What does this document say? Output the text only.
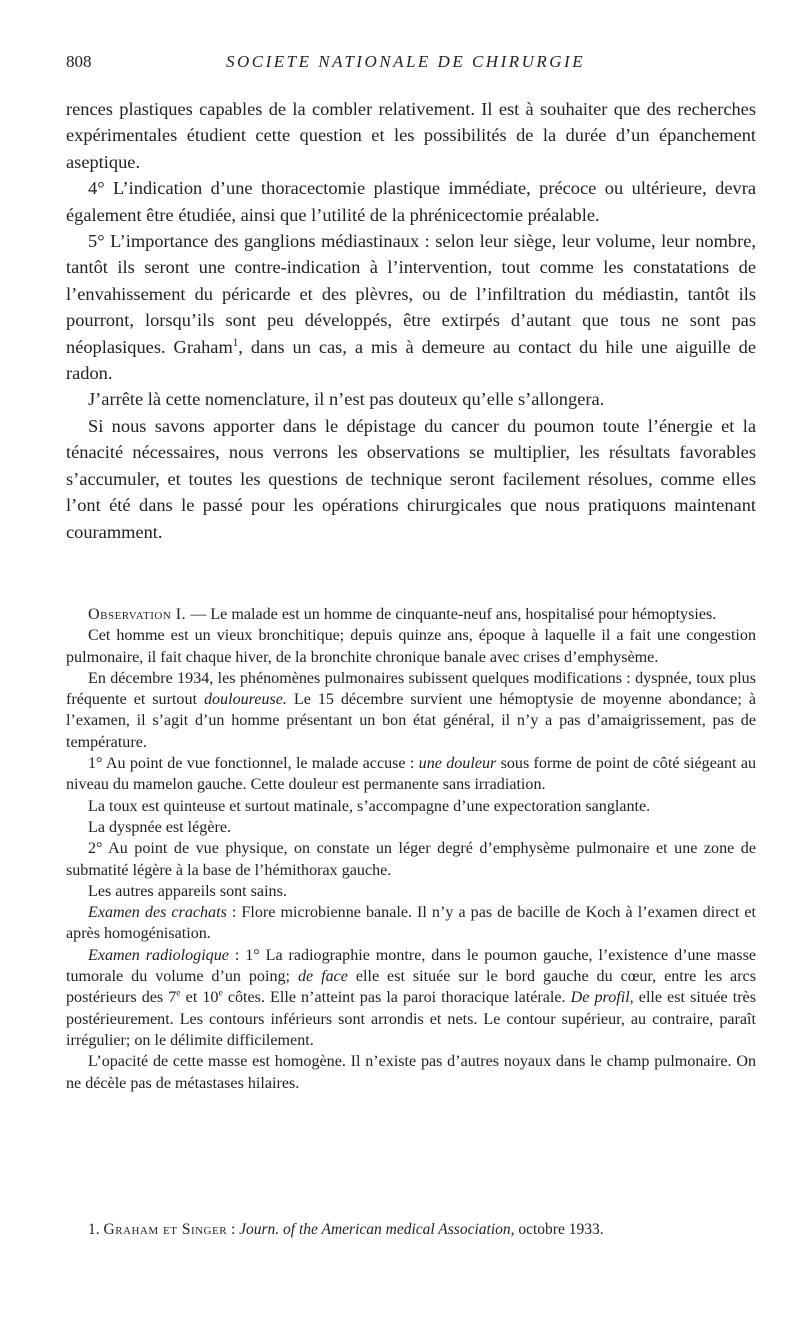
808	SOCIETE NATIONALE DE CHIRURGIE

rences plastiques capables de la combler relativement. Il est à souhaiter que des recherches expérimentales étudient cette question et les possibilités de la durée d’un épanchement aseptique.

4° L’indication d’une thoracectomie plastique immédiate, précoce ou ultérieure, devra également être étudiée, ainsi que l’utilité de la phrénicectomie préalable.

5° L’importance des ganglions médiastinaux : selon leur siège, leur volume, leur nombre, tantôt ils seront une contre-indication à l’intervention, tout comme les constatations de l’envahissement du péricarde et des plèvres, ou de l’infiltration du médiastin, tantôt ils pourront, lorsqu’ils sont peu développés, être extirpés d’autant que tous ne sont pas néoplasiques. Graham$^1$, dans un cas, a mis à demeure au contact du hile une aiguille de radon.

J’arrête là cette nomenclature, il n’est pas douteux qu’elle s’allongera.

Si nous savons apporter dans le dépistage du cancer du poumon toute l’énergie et la ténacité nécessaires, nous verrons les observations se multiplier, les résultats favorables s’accumuler, et toutes les questions de technique seront facilement résolues, comme elles l’ont été dans le passé pour les opérations chirurgicales que nous pratiquons maintenant couramment.

Observation I. — Le malade est un homme de cinquante-neuf ans, hospitalisé pour hémoptysies.

Cet homme est un vieux bronchitique; depuis quinze ans, époque à laquelle il a fait une congestion pulmonaire, il fait chaque hiver, de la bronchite chronique banale avec crises d’emphysème.

En décembre 1934, les phénomènes pulmonaires subissent quelques modifications : dyspnée, toux plus fréquente et surtout douloureuse. Le 15 décembre survient une hémoptysie de moyenne abondance; à l’examen, il s’agit d’un homme présentant un bon état général, il n’y a pas d’amaigrissement, pas de température.

1° Au point de vue fonctionnel, le malade accuse : une douleur sous forme de point de côté siégeant au niveau du mamelon gauche. Cette douleur est permanente sans irradiation.

La toux est quinteuse et surtout matinale, s’accompagne d’une expectoration sanglante.

La dyspnée est légère.

2° Au point de vue physique, on constate un léger degré d’emphysème pulmonaire et une zone de submatité légère à la base de l’hémithorax gauche.

Les autres appareils sont sains.

Examen des crachats : Flore microbienne banale. Il n’y a pas de bacille de Koch à l’examen direct et après homogénisation.

Examen radiologique : 1° La radiographie montre, dans le poumon gauche, l’existence d’une masse tumorale du volume d’un poing; de face elle est située sur le bord gauche du cœur, entre les arcs postérieurs des 7e et 10e côtes. Elle n’atteint pas la paroi thoracique latérale. De profil, elle est située très postérieurement. Les contours inférieurs sont arrondis et nets. Le contour supérieur, au contraire, paraît irrégulier; on le délimite difficilement.

L’opacité de cette masse est homogène. Il n’existe pas d’autres noyaux dans le champ pulmonaire. On ne décèle pas de métastases hilaires.

1. Graham et Singer : Journ. of the American medical Association, octobre 1933.
